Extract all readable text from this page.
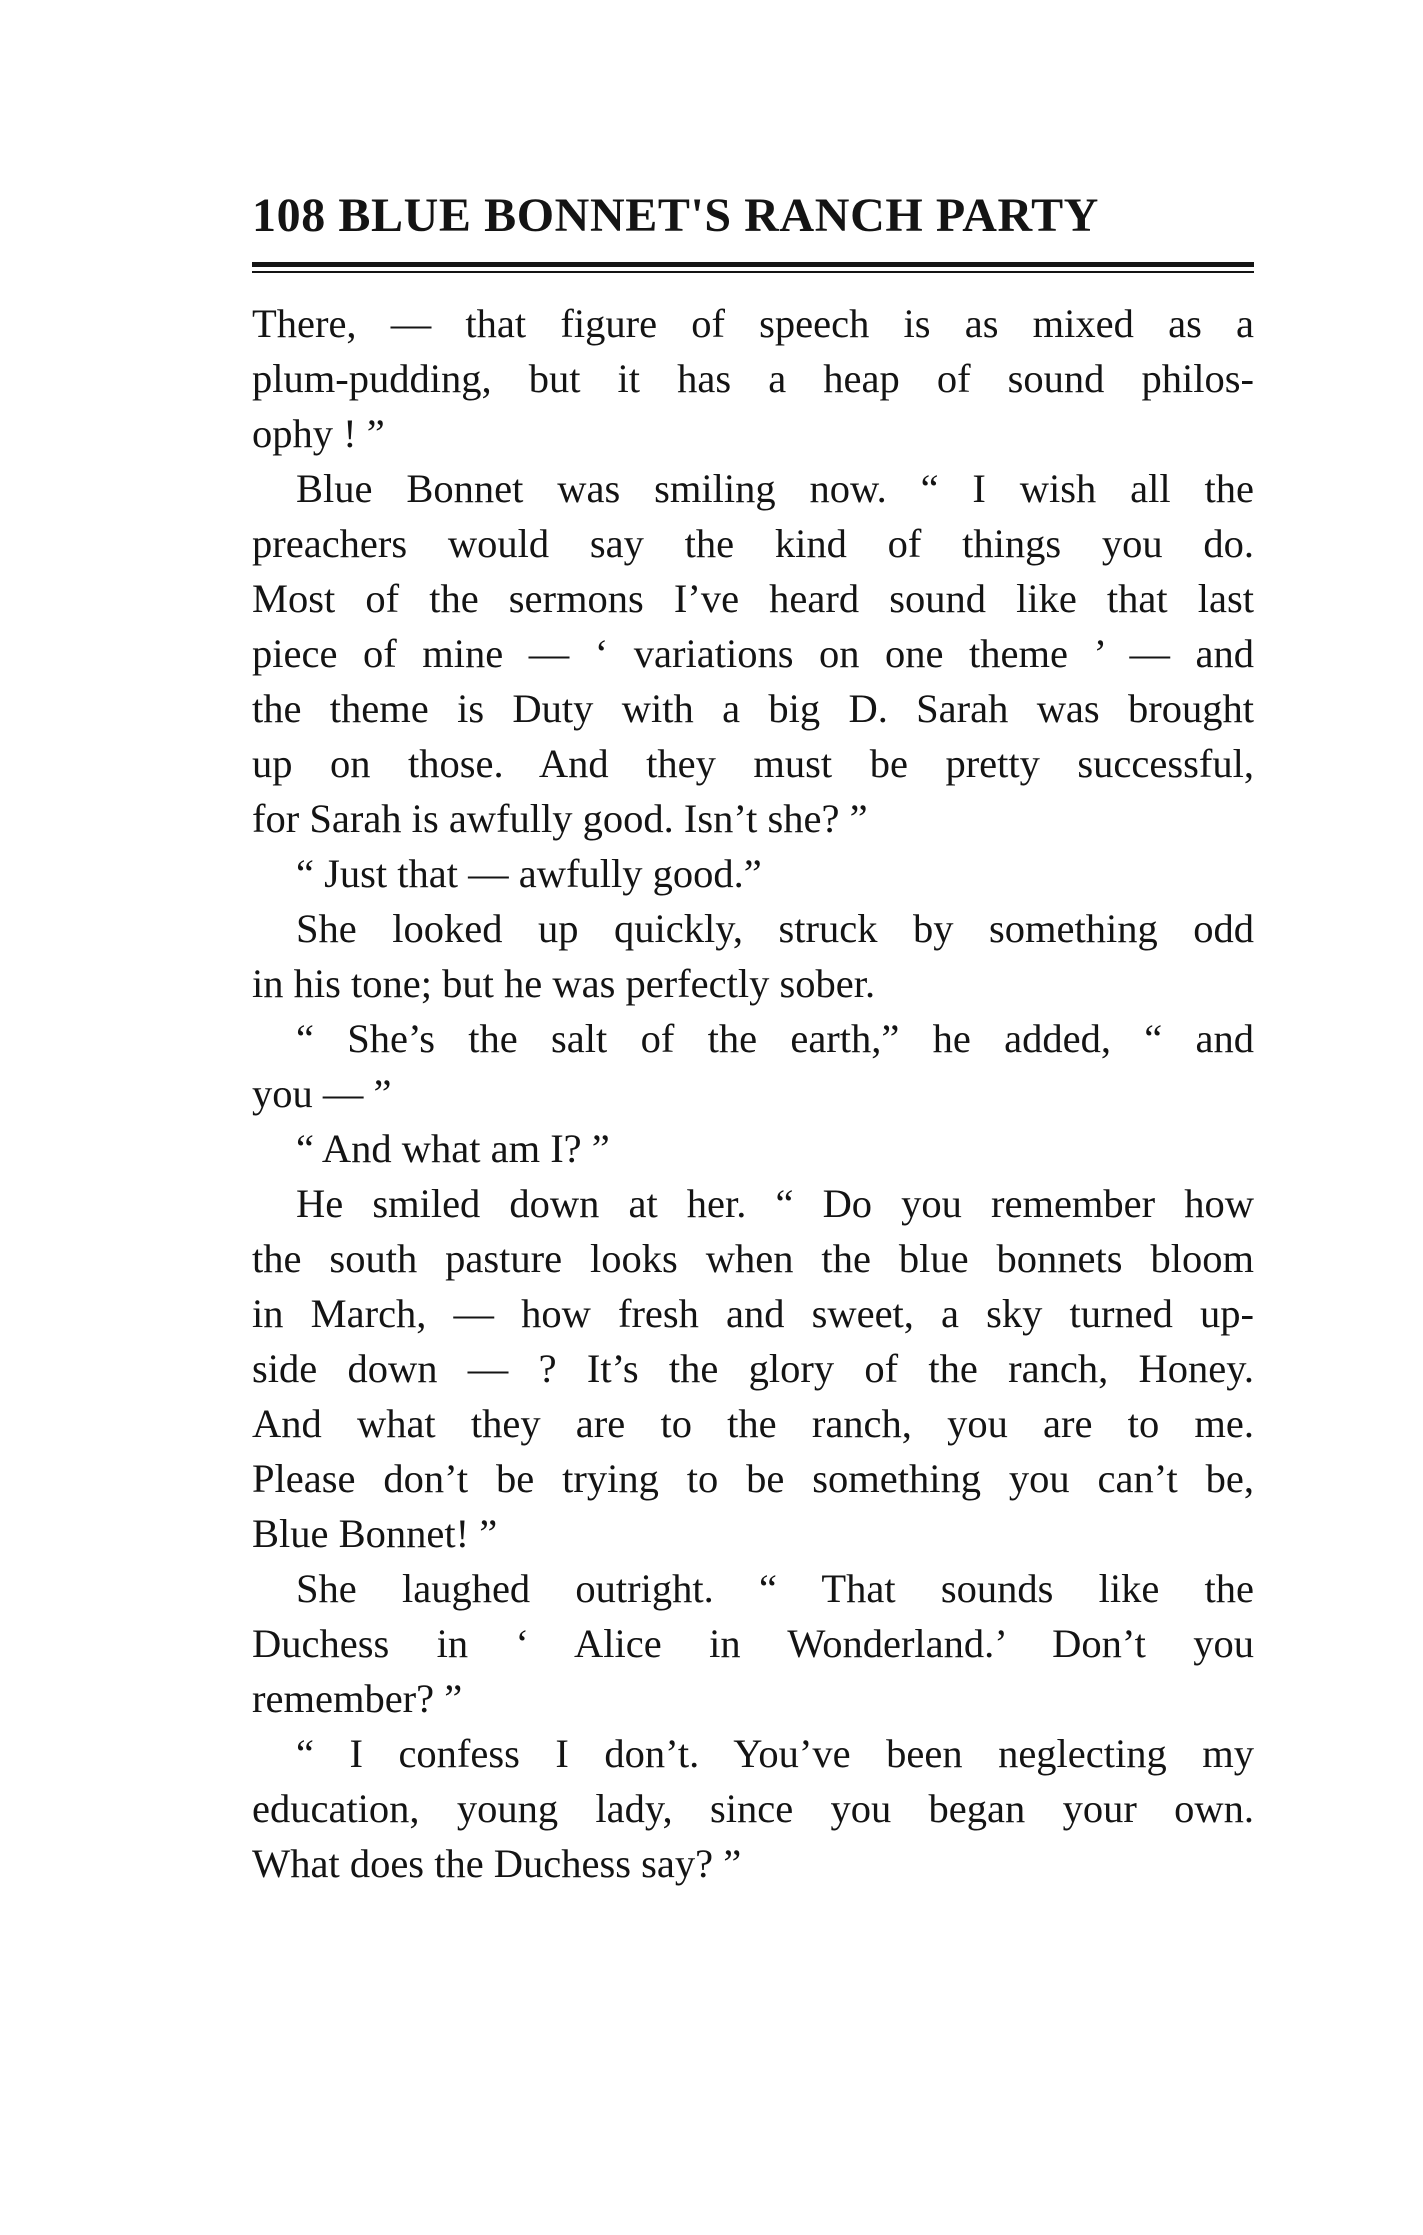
108 BLUE BONNET'S RANCH PARTY
There, — that figure of speech is as mixed as a
plum-pudding, but it has a heap of sound philos-
ophy ! ”
Blue Bonnet was smiling now. “ I wish all the
preachers would say the kind of things you do.
Most of the sermons I’ve heard sound like that last
piece of mine — ‘ variations on one theme ’ — and
the theme is Duty with a big D. Sarah was brought
up on those. And they must be pretty successful,
for Sarah is awfully good. Isn’t she? ”
“ Just that — awfully good.”
She looked up quickly, struck by something odd
in his tone; but he was perfectly sober.
“ She’s the salt of the earth,” he added, “ and
you — ”
“ And what am I? ”
He smiled down at her. “ Do you remember how
the south pasture looks when the blue bonnets bloom
in March, — how fresh and sweet, a sky turned up-
side down — ? It’s the glory of the ranch, Honey.
And what they are to the ranch, you are to me.
Please don’t be trying to be something you can’t be,
Blue Bonnet! ”
She laughed outright. “ That sounds like the
Duchess in ‘ Alice in Wonderland.’ Don’t you
remember? ”
“ I confess I don’t. You’ve been neglecting my
education, young lady, since you began your own.
What does the Duchess say? ”
